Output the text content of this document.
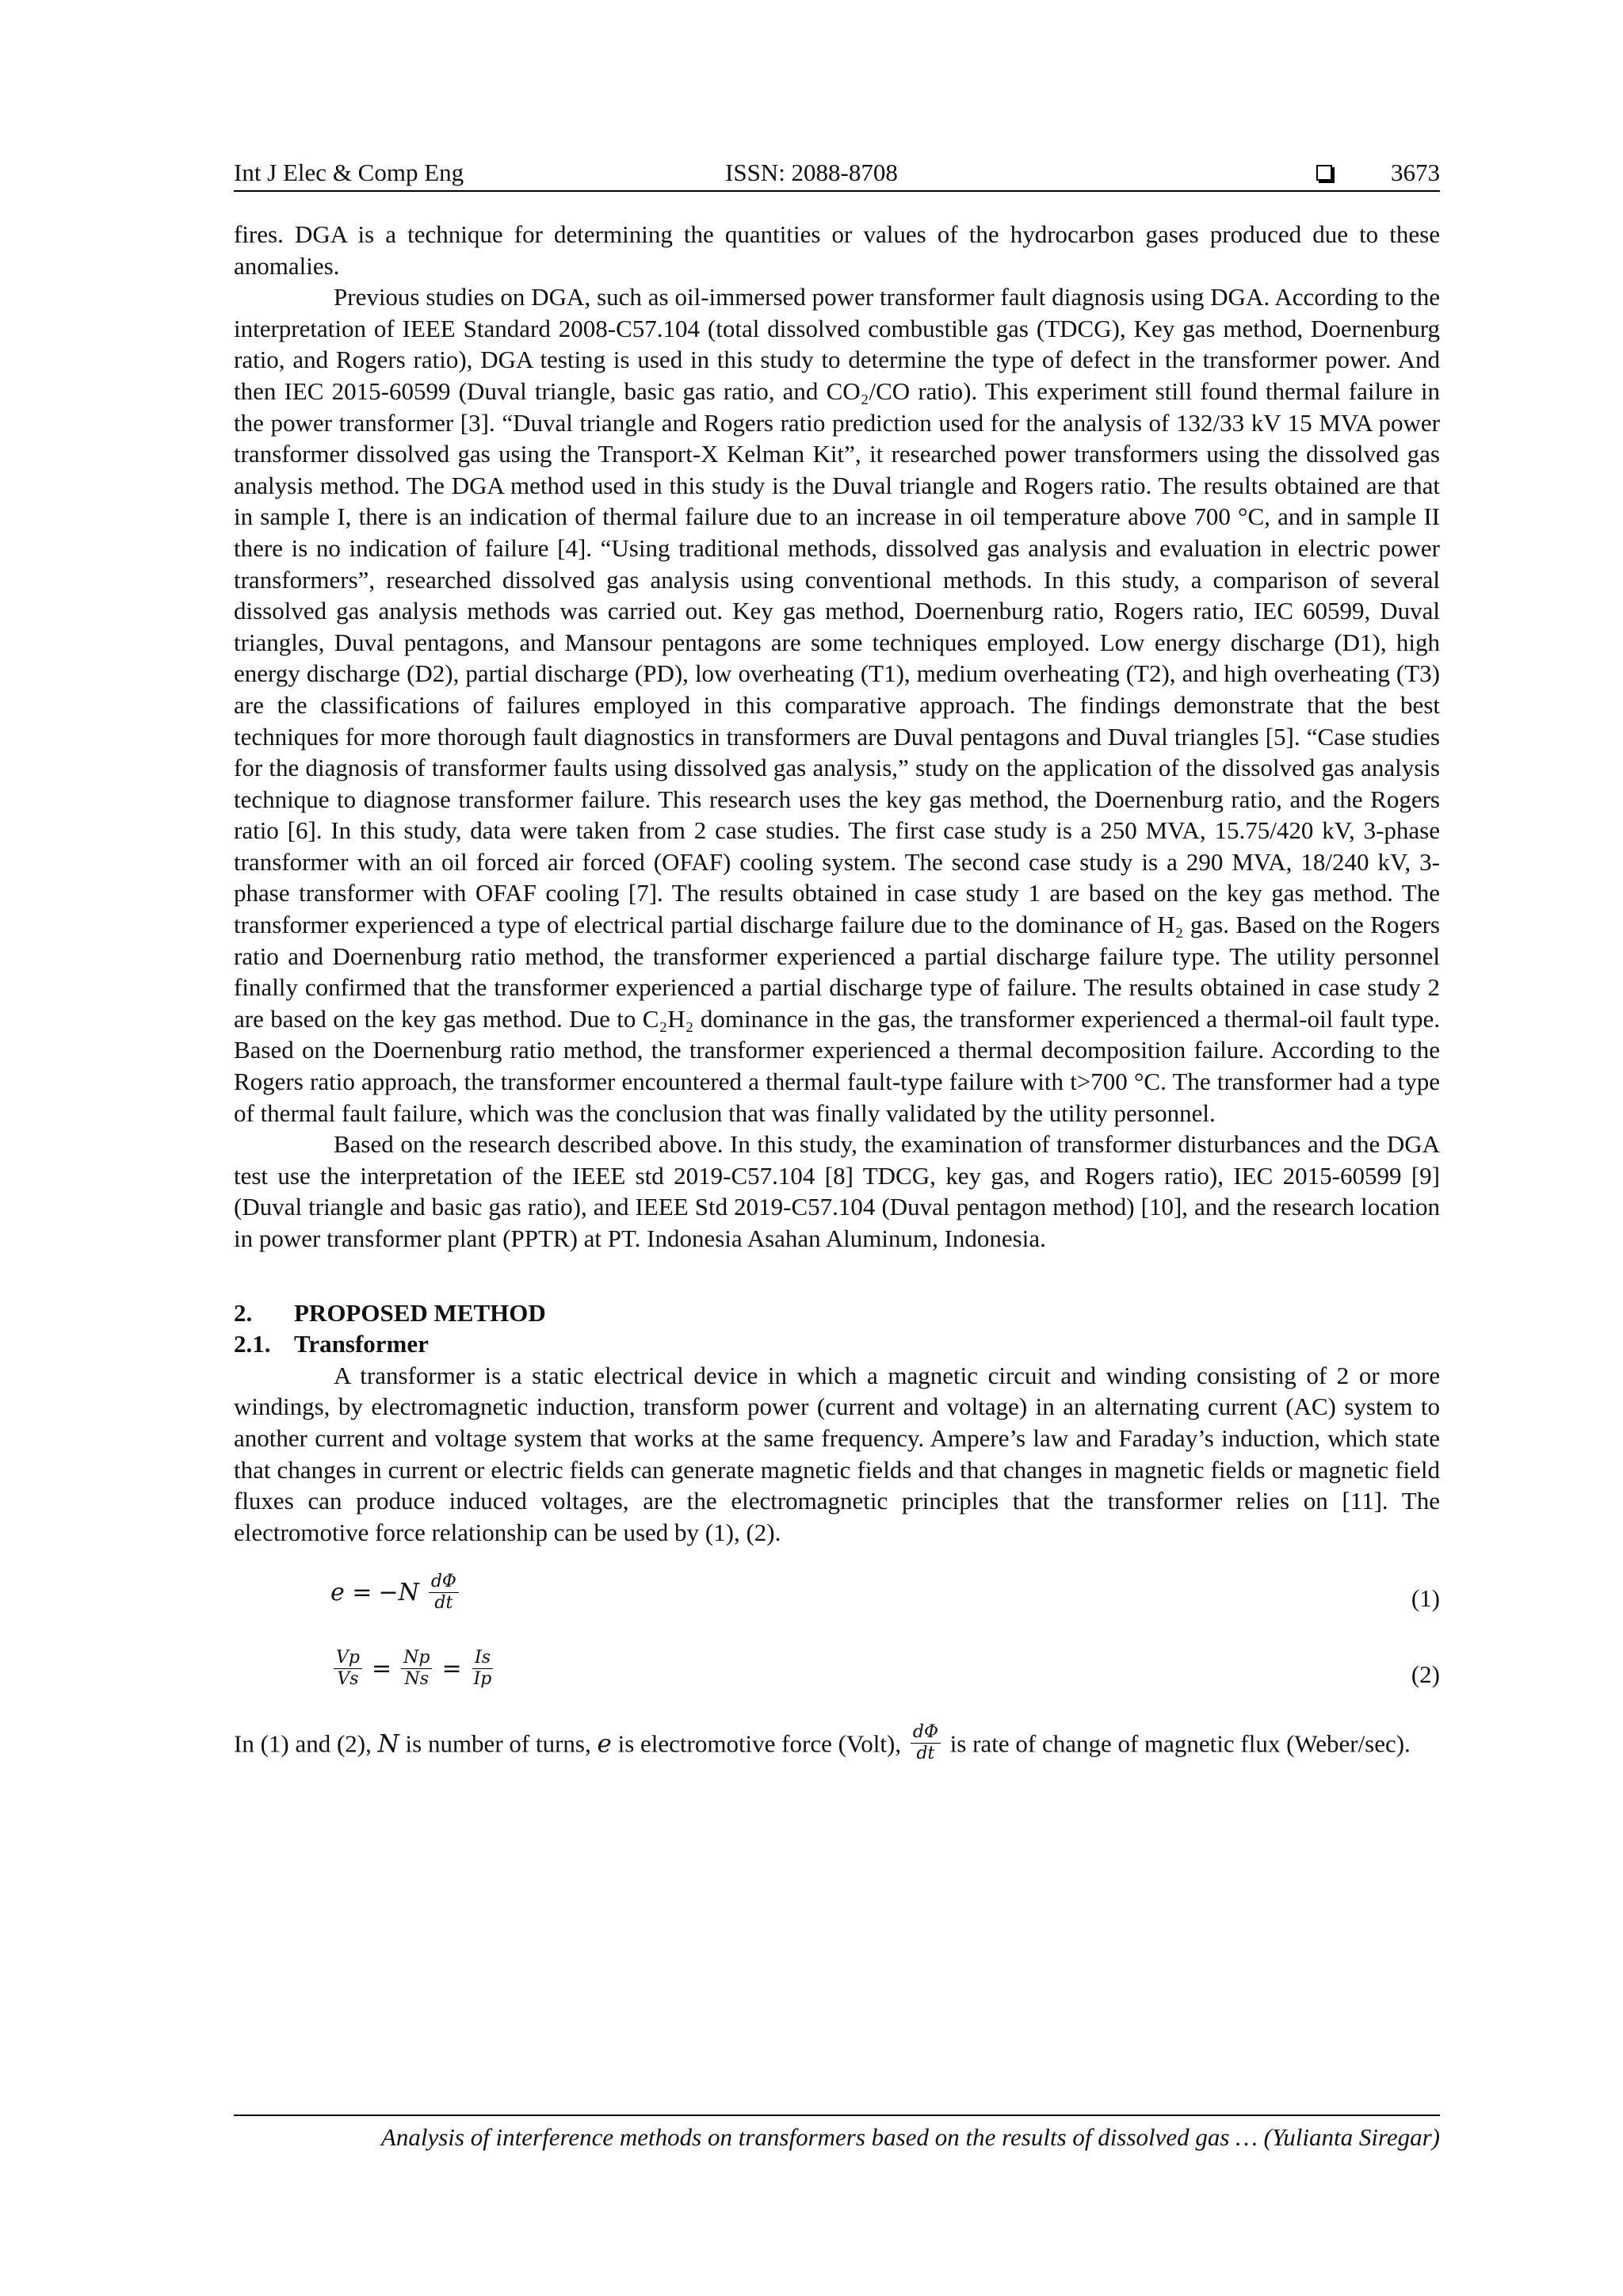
Int J Elec & Comp Eng	ISSN: 2088-8708	3673

fires. DGA is a technique for determining the quantities or values of the hydrocarbon gases produced due to these anomalies.

Previous studies on DGA, such as oil-immersed power transformer fault diagnosis using DGA. According to the interpretation of IEEE Standard 2008-C57.104 (total dissolved combustible gas (TDCG), Key gas method, Doernenburg ratio, and Rogers ratio), DGA testing is used in this study to determine the type of defect in the transformer power. And then IEC 2015-60599 (Duval triangle, basic gas ratio, and CO₂/CO ratio). This experiment still found thermal failure in the power transformer [3]. “Duval triangle and Rogers ratio prediction used for the analysis of 132/33 kV 15 MVA power transformer dissolved gas using the Transport-X Kelman Kit”, it researched power transformers using the dissolved gas analysis method. The DGA method used in this study is the Duval triangle and Rogers ratio. The results obtained are that in sample I, there is an indication of thermal failure due to an increase in oil temperature above 700 °C, and in sample II there is no indication of failure [4]. “Using traditional methods, dissolved gas analysis and evaluation in electric power transformers”, researched dissolved gas analysis using conventional methods. In this study, a comparison of several dissolved gas analysis methods was carried out. Key gas method, Doernenburg ratio, Rogers ratio, IEC 60599, Duval triangles, Duval pentagons, and Mansour pentagons are some techniques employed. Low energy discharge (D1), high energy discharge (D2), partial discharge (PD), low overheating (T1), medium overheating (T2), and high overheating (T3) are the classifications of failures employed in this comparative approach. The findings demonstrate that the best techniques for more thorough fault diagnostics in transformers are Duval pentagons and Duval triangles [5]. “Case studies for the diagnosis of transformer faults using dissolved gas analysis,” study on the application of the dissolved gas analysis technique to diagnose transformer failure. This research uses the key gas method, the Doernenburg ratio, and the Rogers ratio [6]. In this study, data were taken from 2 case studies. The first case study is a 250 MVA, 15.75/420 kV, 3-phase transformer with an oil forced air forced (OFAF) cooling system. The second case study is a 290 MVA, 18/240 kV, 3-phase transformer with OFAF cooling [7]. The results obtained in case study 1 are based on the key gas method. The transformer experienced a type of electrical partial discharge failure due to the dominance of H₂ gas. Based on the Rogers ratio and Doernenburg ratio method, the transformer experienced a partial discharge failure type. The utility personnel finally confirmed that the transformer experienced a partial discharge type of failure. The results obtained in case study 2 are based on the key gas method. Due to C₂H₂ dominance in the gas, the transformer experienced a thermal-oil fault type. Based on the Doernenburg ratio method, the transformer experienced a thermal decomposition failure. According to the Rogers ratio approach, the transformer encountered a thermal fault-type failure with t>700 °C. The transformer had a type of thermal fault failure, which was the conclusion that was finally validated by the utility personnel.

Based on the research described above. In this study, the examination of transformer disturbances and the DGA test use the interpretation of the IEEE std 2019-C57.104 [8] TDCG, key gas, and Rogers ratio), IEC 2015-60599 [9] (Duval triangle and basic gas ratio), and IEEE Std 2019-C57.104 (Duval pentagon method) [10], and the research location in power transformer plant (PPTR) at PT. Indonesia Asahan Aluminum, Indonesia.

2. PROPOSED METHOD

2.1. Transformer

A transformer is a static electrical device in which a magnetic circuit and winding consisting of 2 or more windings, by electromagnetic induction, transform power (current and voltage) in an alternating current (AC) system to another current and voltage system that works at the same frequency. Ampere’s law and Faraday’s induction, which state that changes in current or electric fields can generate magnetic fields and that changes in magnetic fields or magnetic field fluxes can produce induced voltages, are the electromagnetic principles that the transformer relies on [11]. The electromotive force relationship can be used by (1), (2).

$e = -N \frac{d\Phi}{dt}$	(1)
$\frac{Vp}{Vs} = \frac{Np}{Ns} = \frac{Is}{Ip}$	(2)

In (1) and (2), N is number of turns, e is electromotive force (Volt), $\frac{d\Phi}{dt}$ is rate of change of magnetic flux (Weber/sec).

Analysis of interference methods on transformers based on the results of dissolved gas … (Yulianta Siregar)
